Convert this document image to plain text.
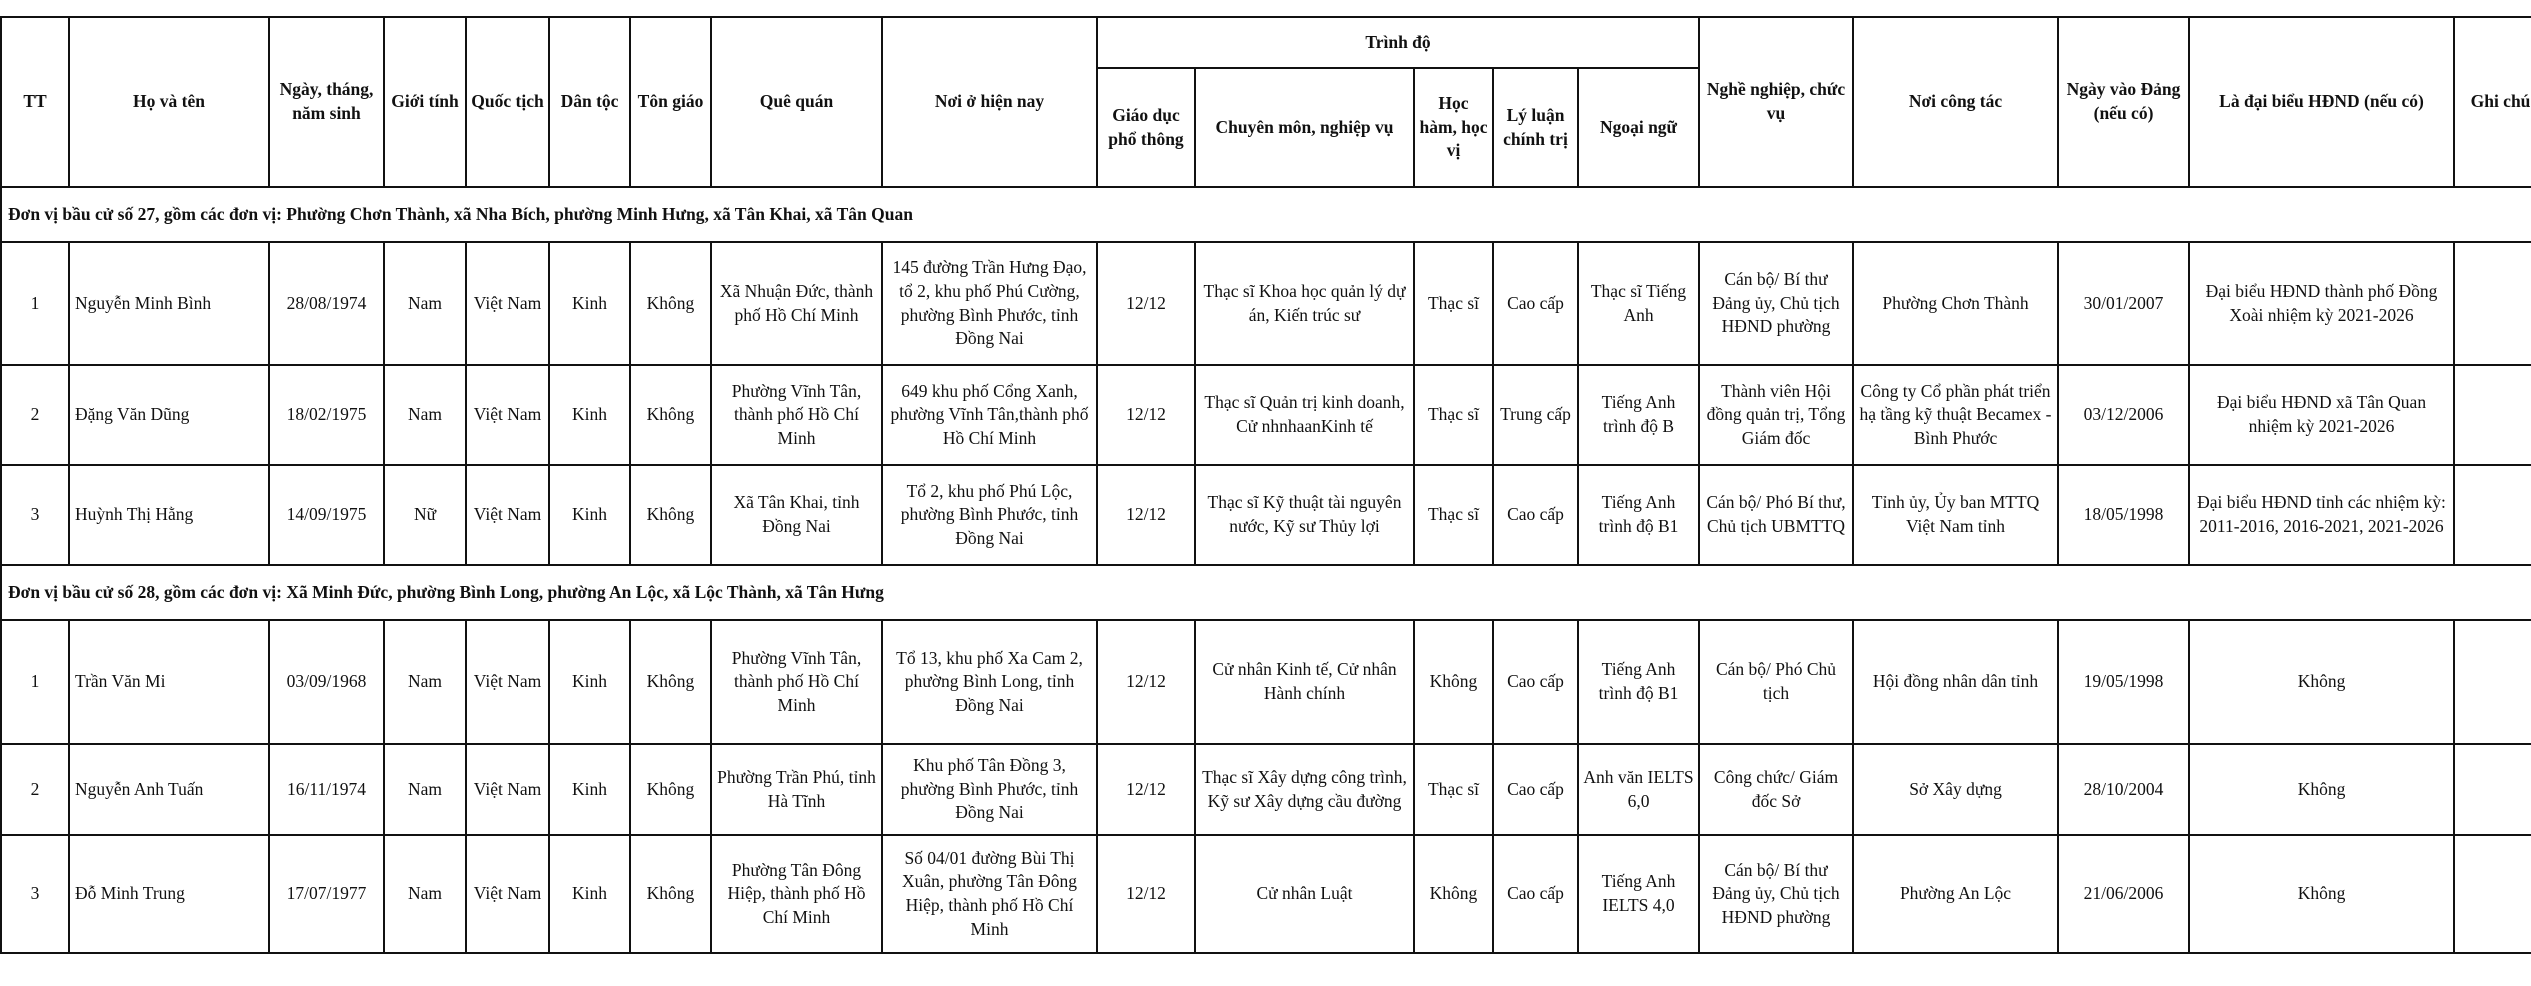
TT	Họ và tên	Ngày, tháng, năm sinh	Giới tính	Quốc tịch	Dân tộc	Tôn giáo	Quê quán	Nơi ở hiện nay	Trình độ					Nghề nghiệp, chức vụ	Nơi công tác	Ngày vào Đảng (nếu có)	Là đại biểu HĐND (nếu có)	Ghi chú
									Giáo dục phổ thông	Chuyên môn, nghiệp vụ	Học hàm, học vị	Lý luận chính trị	Ngoại ngữ					
Đơn vị bầu cử số 27, gồm các đơn vị: Phường Chơn Thành, xã Nha Bích, phường Minh Hưng, xã Tân Khai, xã Tân Quan																		
1	Nguyễn Minh Bình	28/08/1974	Nam	Việt Nam	Kinh	Không	Xã Nhuận Đức, thành phố Hồ Chí Minh	145 đường Trần Hưng Đạo, tổ 2, khu phố Phú Cường, phường Bình Phước, tỉnh Đồng Nai	12/12	Thạc sĩ Khoa học quản lý dự án, Kiến trúc sư	Thạc sĩ	Cao cấp	Thạc sĩ Tiếng Anh	Cán bộ/ Bí thư Đảng ủy, Chủ tịch HĐND phường	Phường Chơn Thành	30/01/2007	Đại biểu HĐND thành phố Đồng Xoài nhiệm kỳ 2021-2026	
2	Đặng Văn Dũng	18/02/1975	Nam	Việt Nam	Kinh	Không	Phường Vĩnh Tân, thành phố Hồ Chí Minh	649 khu phố Cổng Xanh, phường Vĩnh Tân,thành phố Hồ Chí Minh	12/12	Thạc sĩ Quản trị kinh doanh, Cử nhnhaanKinh tế	Thạc sĩ	Trung cấp	Tiếng Anh trình độ B	Thành viên Hội đồng quản trị, Tổng Giám đốc	Công ty Cổ phần phát triển hạ tầng kỹ thuật Becamex - Bình Phước	03/12/2006	Đại biểu HĐND xã Tân Quan nhiệm kỳ 2021-2026	
3	Huỳnh Thị Hằng	14/09/1975	Nữ	Việt Nam	Kinh	Không	Xã Tân Khai, tỉnh Đồng Nai	Tổ 2, khu phố Phú Lộc, phường Bình Phước, tỉnh Đồng Nai	12/12	Thạc sĩ Kỹ thuật tài nguyên nước, Kỹ sư Thủy lợi	Thạc sĩ	Cao cấp	Tiếng Anh trình độ B1	Cán bộ/ Phó Bí thư, Chủ tịch UBMTTQ	Tỉnh ủy, Ủy ban MTTQ Việt Nam tỉnh	18/05/1998	Đại biểu HĐND tỉnh các nhiệm kỳ: 2011-2016, 2016-2021, 2021-2026	
Đơn vị bầu cử số 28, gồm các đơn vị: Xã Minh Đức, phường Bình Long, phường An Lộc, xã Lộc Thành, xã Tân Hưng																		
1	Trần Văn Mi	03/09/1968	Nam	Việt Nam	Kinh	Không	Phường Vĩnh Tân, thành phố Hồ Chí Minh	Tổ 13, khu phố Xa Cam 2, phường Bình Long, tỉnh Đồng Nai	12/12	Cử nhân Kinh tế, Cử nhân Hành chính	Không	Cao cấp	Tiếng Anh trình độ B1	Cán bộ/ Phó Chủ tịch	Hội đồng nhân dân tỉnh	19/05/1998	Không	
2	Nguyễn Anh Tuấn	16/11/1974	Nam	Việt Nam	Kinh	Không	Phường Trần Phú, tỉnh Hà Tĩnh	Khu phố Tân Đồng 3, phường Bình Phước, tỉnh Đồng Nai	12/12	Thạc sĩ Xây dựng công trình, Kỹ sư Xây dựng cầu đường	Thạc sĩ	Cao cấp	Anh văn IELTS 6,0	Công chức/ Giám đốc Sở	Sở Xây dựng	28/10/2004	Không	
3	Đỗ Minh Trung	17/07/1977	Nam	Việt Nam	Kinh	Không	Phường Tân Đông Hiệp, thành phố Hồ Chí Minh	Số 04/01 đường Bùi Thị Xuân, phường Tân Đông Hiệp, thành phố Hồ Chí Minh	12/12	Cử nhân Luật	Không	Cao cấp	Tiếng Anh IELTS 4,0	Cán bộ/ Bí thư Đảng ủy, Chủ tịch HĐND phường	Phường An Lộc	21/06/2006	Không	
